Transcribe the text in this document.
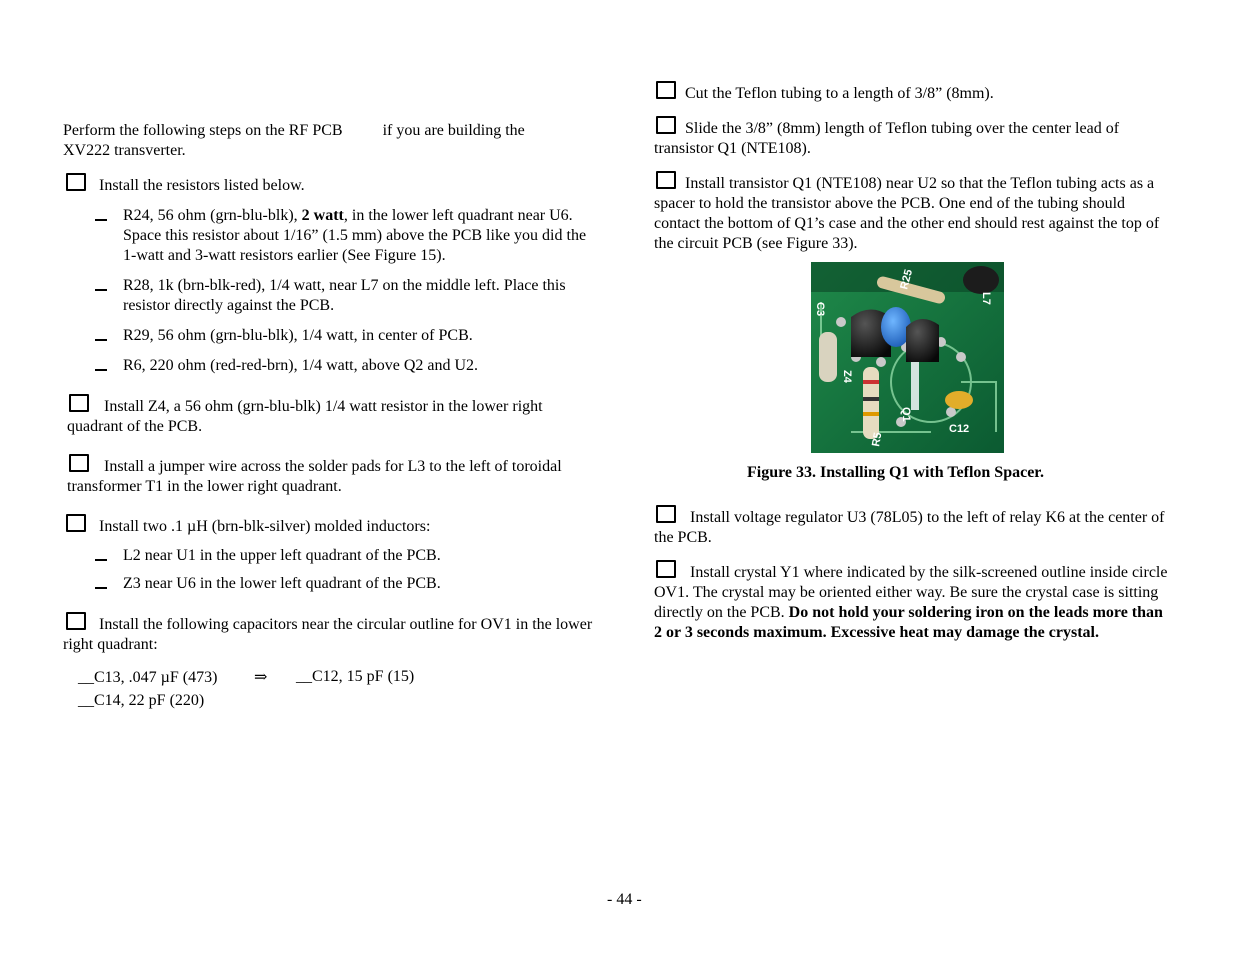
Perform the following steps on the RF PCB	if you are building the
XV222 transverter.

Install the resistors listed below.

R24, 56 ohm (grn-blu-blk), 2 watt, in the lower left quadrant near U6. Space this resistor about 1/16” (1.5 mm) above the PCB like you did the 1-watt and 3-watt resistors earlier (See Figure 15).

R28, 1k (brn-blk-red), 1/4 watt, near L7 on the middle left. Place this resistor directly against the PCB.

R29, 56 ohm (grn-blu-blk), 1/4 watt, in center of PCB.

R6, 220 ohm (red-red-brn), 1/4 watt, above Q2 and U2.

Install Z4, a 56 ohm (grn-blu-blk) 1/4 watt resistor in the lower right quadrant of the PCB.

Install a jumper wire across the solder pads for L3 to the left of toroidal transformer T1 in the lower right quadrant.

Install two .1 µH (brn-blk-silver) molded inductors:

L2 near U1 in the upper left quadrant of the PCB.

Z3 near U6 in the lower left quadrant of the PCB.

Install the following capacitors near the circular outline for OV1 in the lower right quadrant:

__C13, .047 µF (473) ⇒ __C12, 15 pF (15)
__C14, 22 pF (220)

Cut the Teflon tubing to a length of 3/8” (8mm).

Slide the 3/8” (8mm) length of Teflon tubing over the center lead of transistor Q1 (NTE108).

Install transistor Q1 (NTE108) near U2 so that the Teflon tubing acts as a spacer to hold the transistor above the PCB. One end of the tubing should contact the bottom of Q1’s case and the other end should rest against the top of the circuit PCB (see Figure 33).

C3
R25
L7
Z4
R5
Q1
C12

Figure 33. Installing Q1 with Teflon Spacer.

Install voltage regulator U3 (78L05) to the left of relay K6 at the center of the PCB.

Install crystal Y1 where indicated by the silk-screened outline inside circle OV1. The crystal may be oriented either way. Be sure the crystal case is sitting directly on the PCB. Do not hold your soldering iron on the leads more than 2 or 3 seconds maximum. Excessive heat may damage the crystal.

- 44 -
